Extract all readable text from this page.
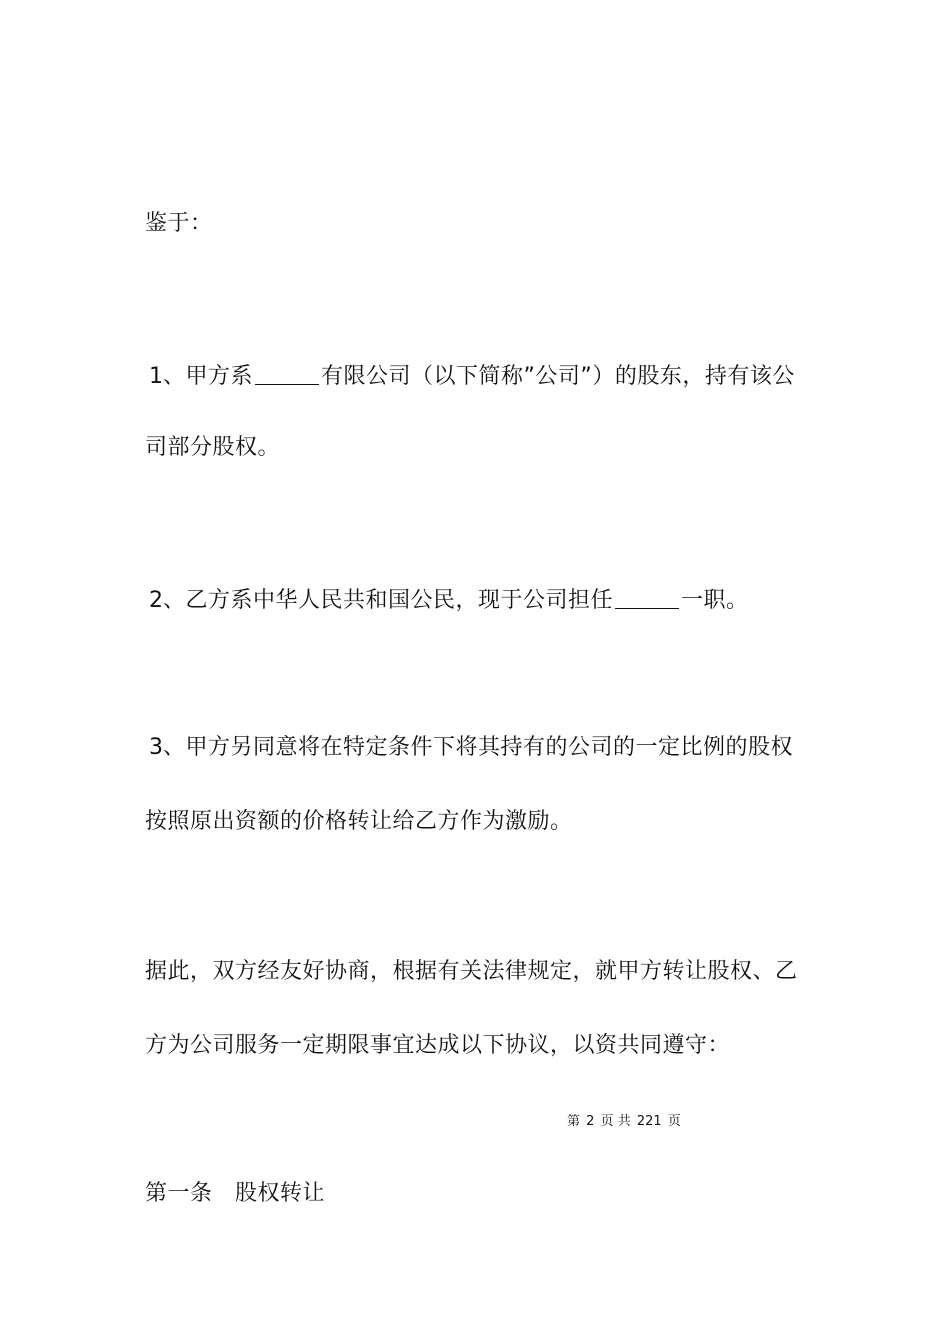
鉴于：
1、甲方系	有限公司（以下简称”公司”）的股东，持有该公
司部分股权。
2、乙方系中华人民共和国公民，现于公司担任	一职。
3、甲方另同意将在特定条件下将其持有的公司的一定比例的股权
按照原出资额的价格转让给乙方作为激励。
据此，双方经友好协商，根据有关法律规定，就甲方转让股权、乙
方为公司服务一定期限事宜达成以下协议，以资共同遵守：
第 2 页 共 221 页
第一条　股权转让
